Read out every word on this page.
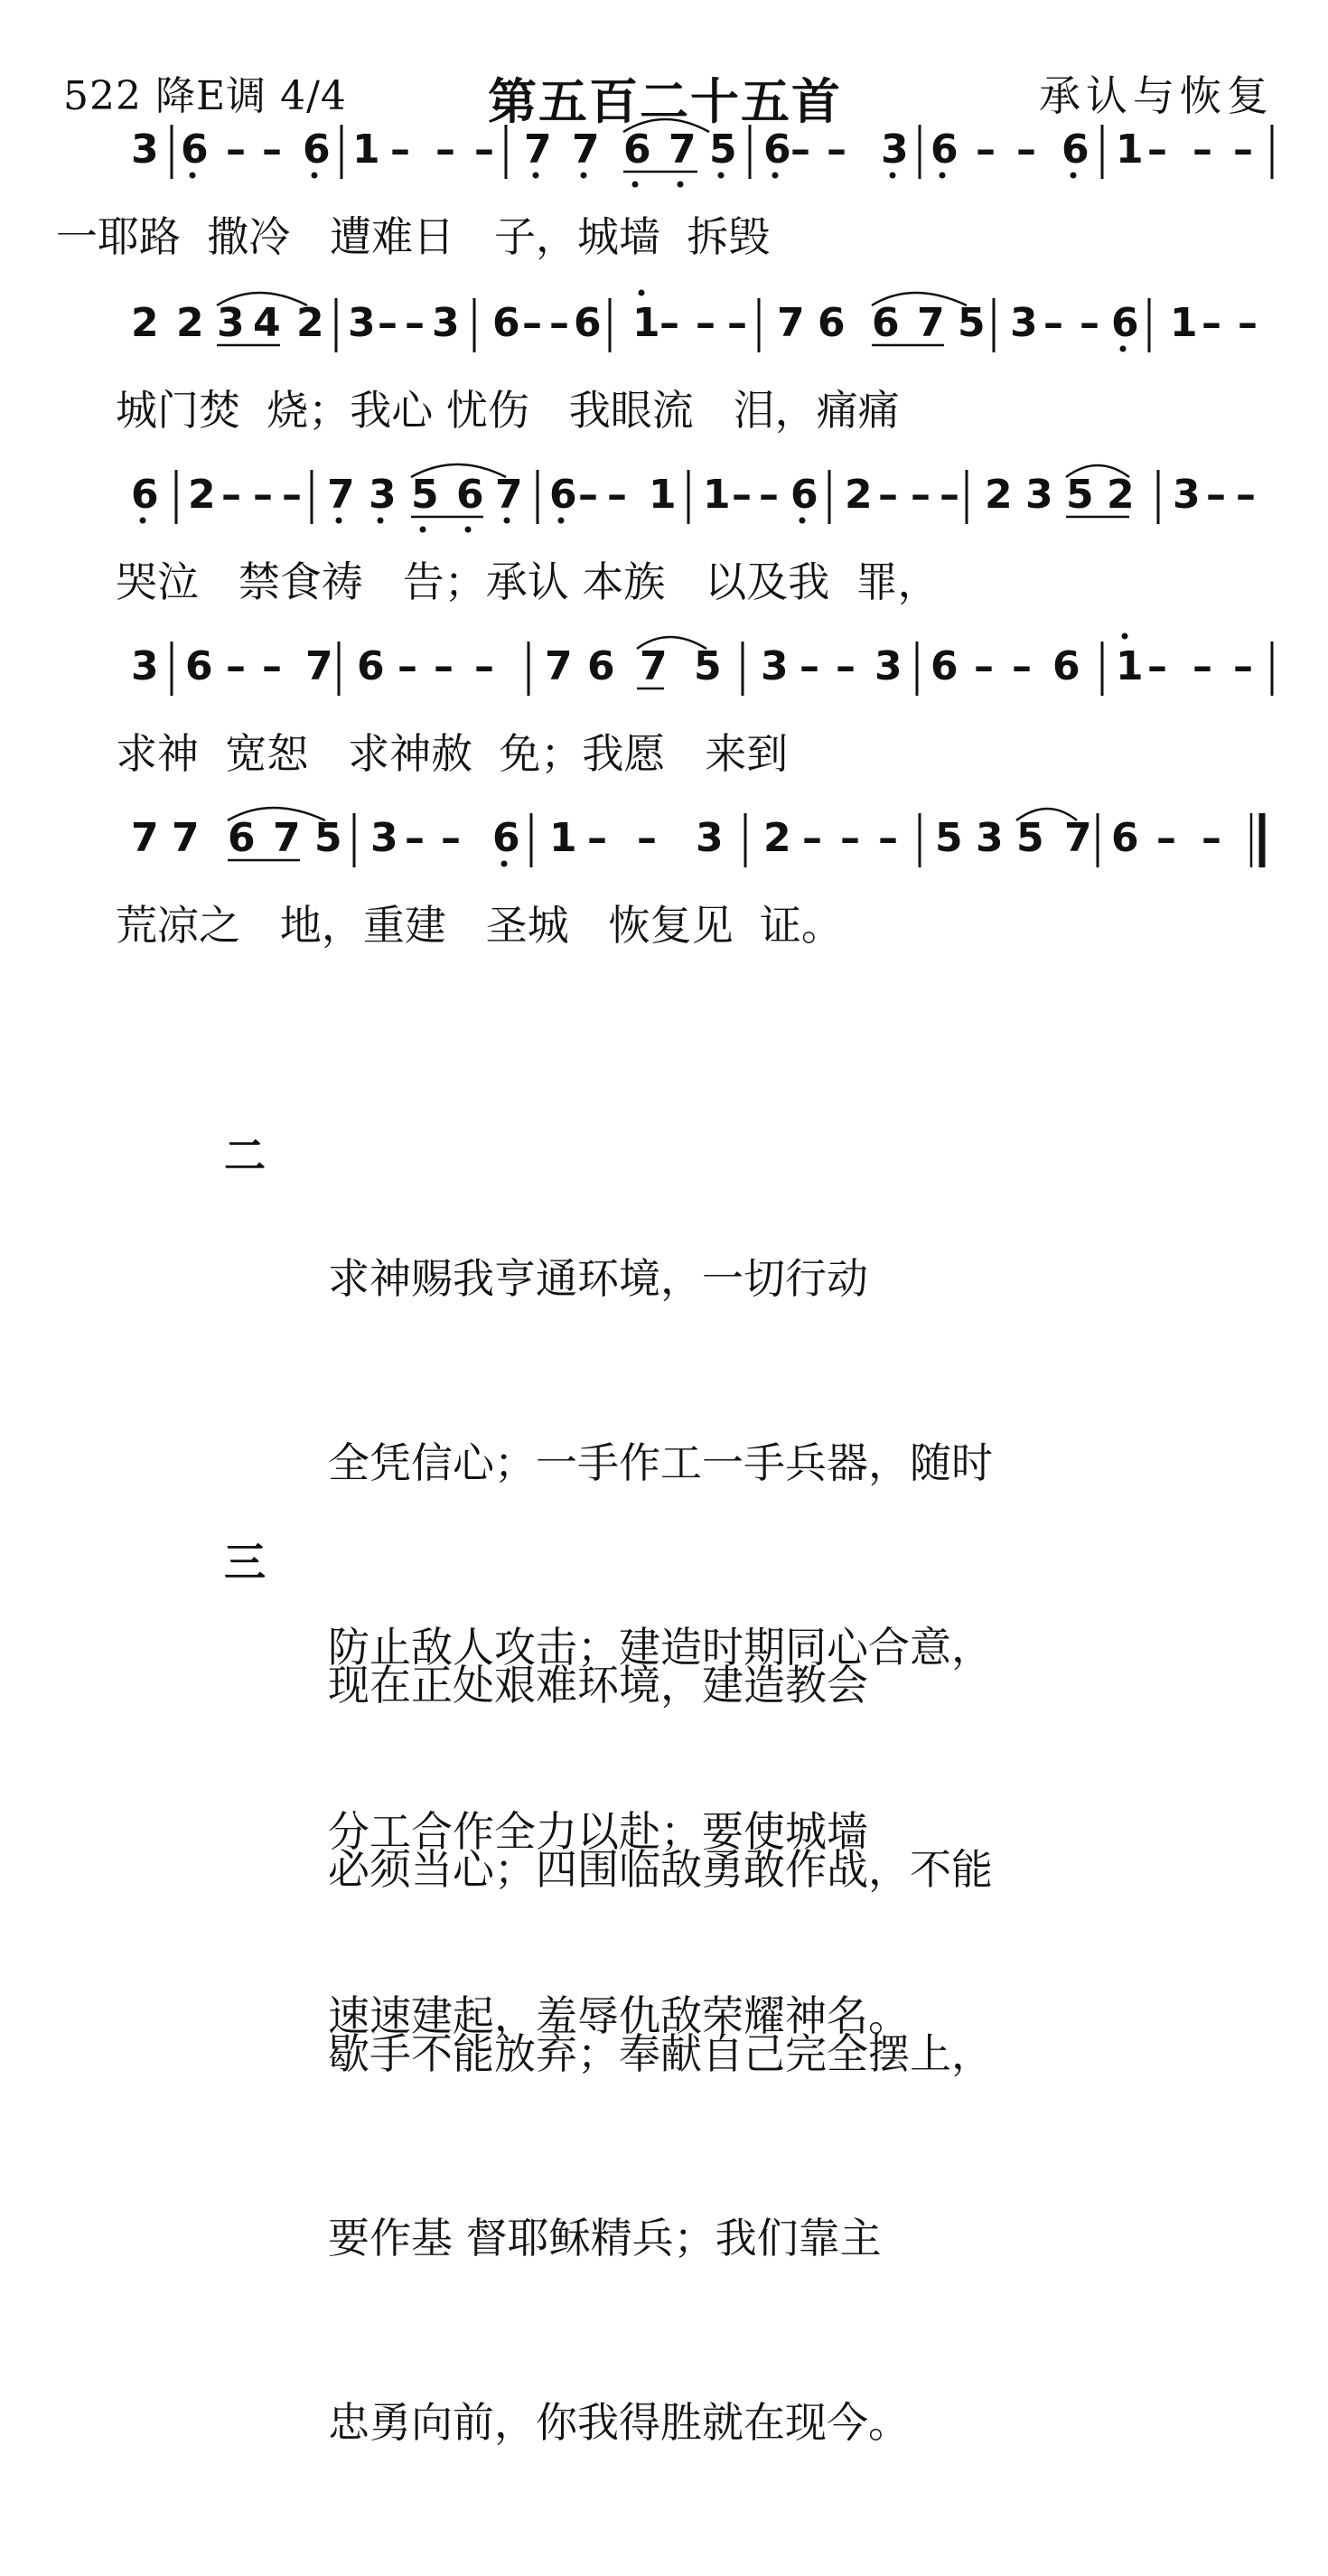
522 降E调 4/4	第五百二十五首	承认与恢复
3 6 – – 6 1 – – – 7 7 6 7 5 6 – – 3 6 – – 6 1 – – –
一耶路  撒冷   遭难日   子，城墙  拆毁
2 2 3 4 2 3 – – 3 6 – – 6 1 – – – 7 6 6 7 5 3 – – 6 1 – –
城门焚  烧；我心 忧伤   我眼流   泪，痛痛
6 2 – – – 7 3 5 6 7 6 – – 1 1 – – 6 2 – – – 2 3 5 2 3 – –
哭泣   禁食祷   告；承认 本族   以及我  罪，
3 6 – – 7 6 – – – 7 6 7 5 3 – – 3 6 – – 6 1 – – –
求神  宽恕   求神赦  免；我愿   来到
7 7 6 7 5 3 – – 6 1 – – 3 2 – – – 5 3 5 7 6 – –
荒凉之   地，重建   圣城   恢复见  证。
二

求神赐我亨通环境，一切行动

全凭信心；一手作工一手兵器，随时

防止敌人攻击；建造时期同心合意，

分工合作全力以赴；要使城墙

速速建起，羞辱仇敌荣耀神名。

三

现在正处艰难环境，建造教会

必须当心；四围临敌勇敢作战，不能

歇手不能放弃；奉献自己完全摆上，

要作基 督耶稣精兵；我们靠主

忠勇向前，你我得胜就在现今。
